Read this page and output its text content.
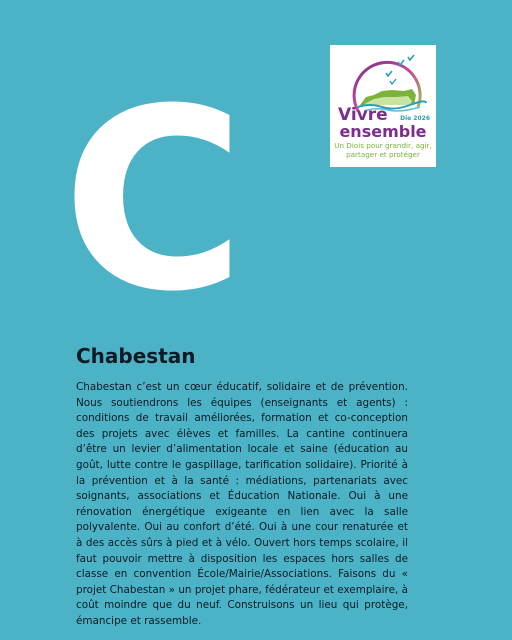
C	Vivre	Die 2026
ensemble
Un Diois pour grandir, agir, partager et protéger
Chabestan

Chabestan c’est un cœur éducatif, solidaire et de prévention. Nous soutiendrons les équipes (enseignants et agents) : conditions de travail améliorées, formation et co-conception des projets avec élèves et familles. La cantine continuera d’être un levier d’alimentation locale et saine (éducation au goût, lutte contre le gaspillage, tarification solidaire). Priorité à la prévention et à la santé : médiations, partenariats avec soignants, associations et Éducation Nationale. Oui à une rénovation énergétique exigeante en lien avec la salle polyvalente. Oui au confort d’été. Oui à une cour renaturée et à des accès sûrs à pied et à vélo. Ouvert hors temps scolaire, il faut pouvoir mettre à disposition les espaces hors salles de classe en convention École/Mairie/Associations. Faisons du « projet Chabestan » un projet phare, fédérateur et exemplaire, à coût moindre que du neuf. Construisons un lieu qui protège, émancipe et rassemble.
